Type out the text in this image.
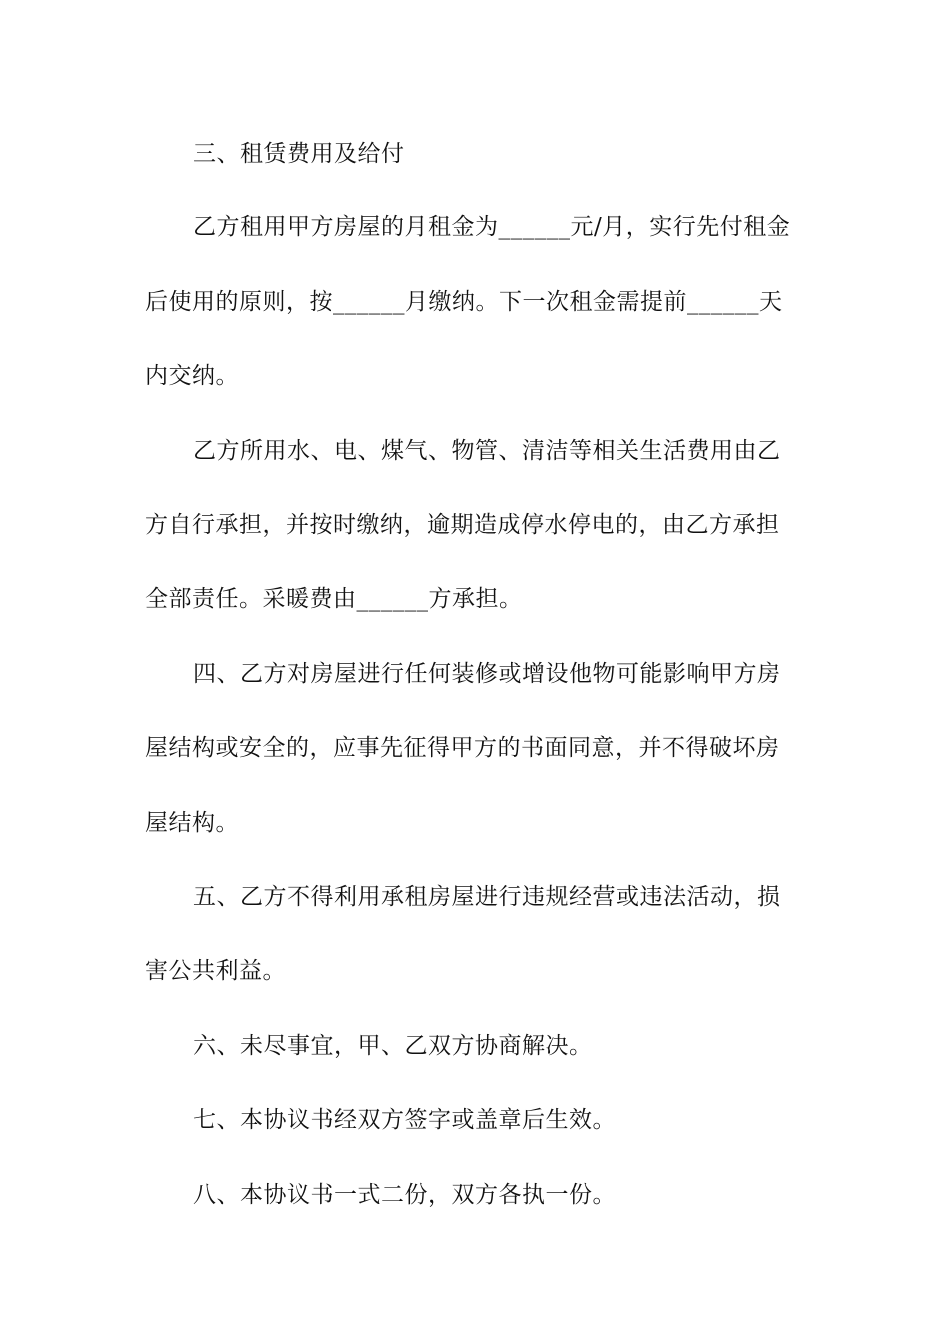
三、租赁费用及给付

乙方租用甲方房屋的月租金为______元/月，实行先付租金

后使用的原则，按______月缴纳。下一次租金需提前______天

内交纳。

乙方所用水、电、煤气、物管、清洁等相关生活费用由乙

方自行承担，并按时缴纳，逾期造成停水停电的，由乙方承担

全部责任。采暖费由______方承担。

四、乙方对房屋进行任何装修或增设他物可能影响甲方房

屋结构或安全的，应事先征得甲方的书面同意，并不得破坏房

屋结构。

五、乙方不得利用承租房屋进行违规经营或违法活动，损

害公共利益。

六、未尽事宜，甲、乙双方协商解决。

七、本协议书经双方签字或盖章后生效。

八、本协议书一式二份，双方各执一份。
